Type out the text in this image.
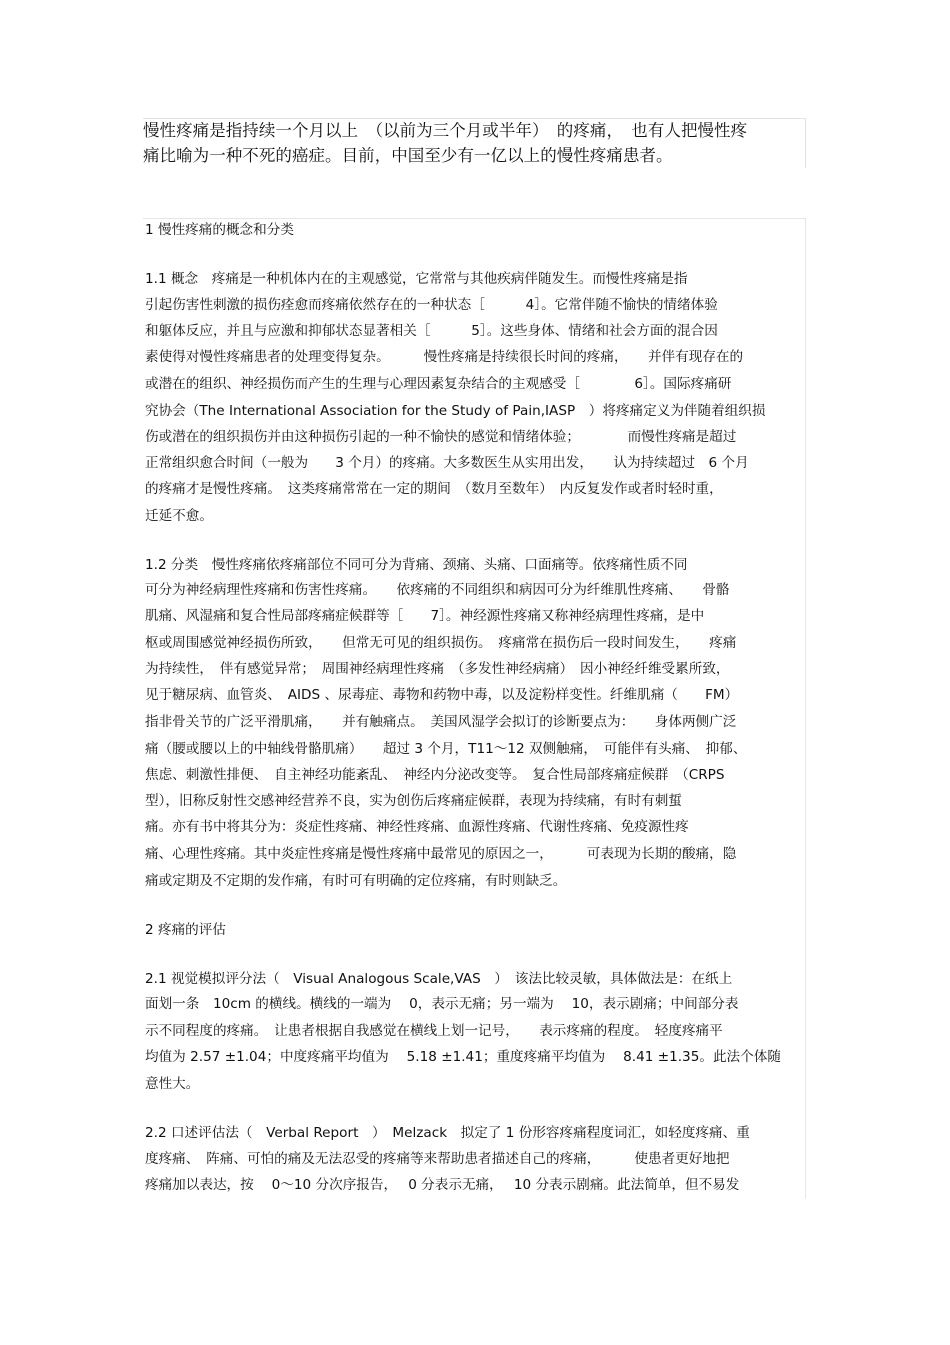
慢性疼痛是指持续一个月以上　（以前为三个月或半年）　的疼痛，　也有人把慢性疼
痛比喻为一种不死的癌症。目前，中国至少有一亿以上的慢性疼痛患者。
1 慢性疼痛的概念和分类
1.1 概念　疼痛是一种机体内在的主观感觉，它常常与其他疾病伴随发生。而慢性疼痛是指
引起伤害性刺激的损伤痊愈而疼痛依然存在的一种状态［　　　4］。它常伴随不愉快的情绪体验
和躯体反应，并且与应激和抑郁状态显著相关［　　　5］。这些身体、情绪和社会方面的混合因
素使得对慢性疼痛患者的处理变得复杂。　　　慢性疼痛是持续很长时间的疼痛，　　并伴有现存在的
或潜在的组织、神经损伤而产生的生理与心理因素复杂结合的主观感受［　　　　6］。国际疼痛研
究协会（The International Association for the Study of Pain,IASP　）将疼痛定义为伴随着组织损
伤或潜在的组织损伤并由这种损伤引起的一种不愉快的感觉和情绪体验；　　　　而慢性疼痛是超过
正常组织愈合时间（一般为　　3 个月）的疼痛。大多数医生从实用出发，　　认为持续超过　6 个月
的疼痛才是慢性疼痛。　这类疼痛常常在一定的期间　（数月至数年）　内反复发作或者时轻时重，
迁延不愈。
1.2 分类　慢性疼痛依疼痛部位不同可分为背痛、颈痛、头痛、口面痛等。依疼痛性质不同
可分为神经病理性疼痛和伤害性疼痛。　　依疼痛的不同组织和病因可分为纤维肌性疼痛、　　骨骼
肌痛、风湿痛和复合性局部疼痛症候群等［　　7］。神经源性疼痛又称神经病理性疼痛，是中
枢或周围感觉神经损伤所致，　　但常无可见的组织损伤。　疼痛常在损伤后一段时间发生，　　疼痛
为持续性，　伴有感觉异常；　周围神经病理性疼痛　（多发性神经病痛）　因小神经纤维受累所致，
见于糖尿病、血管炎、　AIDS 、尿毒症、毒物和药物中毒，以及淀粉样变性。纤维肌痛（　　FM）
指非骨关节的广泛平滑肌痛，　　并有触痛点。　美国风湿学会拟订的诊断要点为：　　身体两侧广泛
痛（腰或腰以上的中轴线骨骼肌痛）　　超过 3 个月，T11～12 双侧触痛，　可能伴有头痛、　抑郁、
焦虑、刺激性排便、　自主神经功能紊乱、　神经内分泌改变等。　复合性局部疼痛症候群　（CRPS
型），旧称反射性交感神经营养不良，实为创伤后疼痛症候群，表现为持续痛，有时有刺蜇
痛。亦有书中将其分为：炎症性疼痛、神经性疼痛、血源性疼痛、代谢性疼痛、免疫源性疼
痛、心理性疼痛。其中炎症性疼痛是慢性疼痛中最常见的原因之一，　　　可表现为长期的酸痛，隐
痛或定期及不定期的发作痛，有时可有明确的定位疼痛，有时则缺乏。
2 疼痛的评估
2.1 视觉模拟评分法（　Visual Analogous Scale,VAS　）　该法比较灵敏，具体做法是：在纸上
面划一条　10cm 的横线。横线的一端为　 0，表示无痛；另一端为　 10，表示剧痛；中间部分表
示不同程度的疼痛。　让患者根据自我感觉在横线上划一记号，　　表示疼痛的程度。　轻度疼痛平
均值为 2.57 ±1.04；中度疼痛平均值为　 5.18 ±1.41；重度疼痛平均值为　 8.41 ±1.35。此法个体随
意性大。
2.2 口述评估法（　Verbal Report　）　Melzack　拟定了 1 份形容疼痛程度词汇，如轻度疼痛、重
度疼痛、　阵痛、可怕的痛及无法忍受的疼痛等来帮助患者描述自己的疼痛，　　　使患者更好地把
疼痛加以表达，按　 0～10 分次序报告，　 0 分表示无痛，　 10 分表示剧痛。此法简单，但不易发
